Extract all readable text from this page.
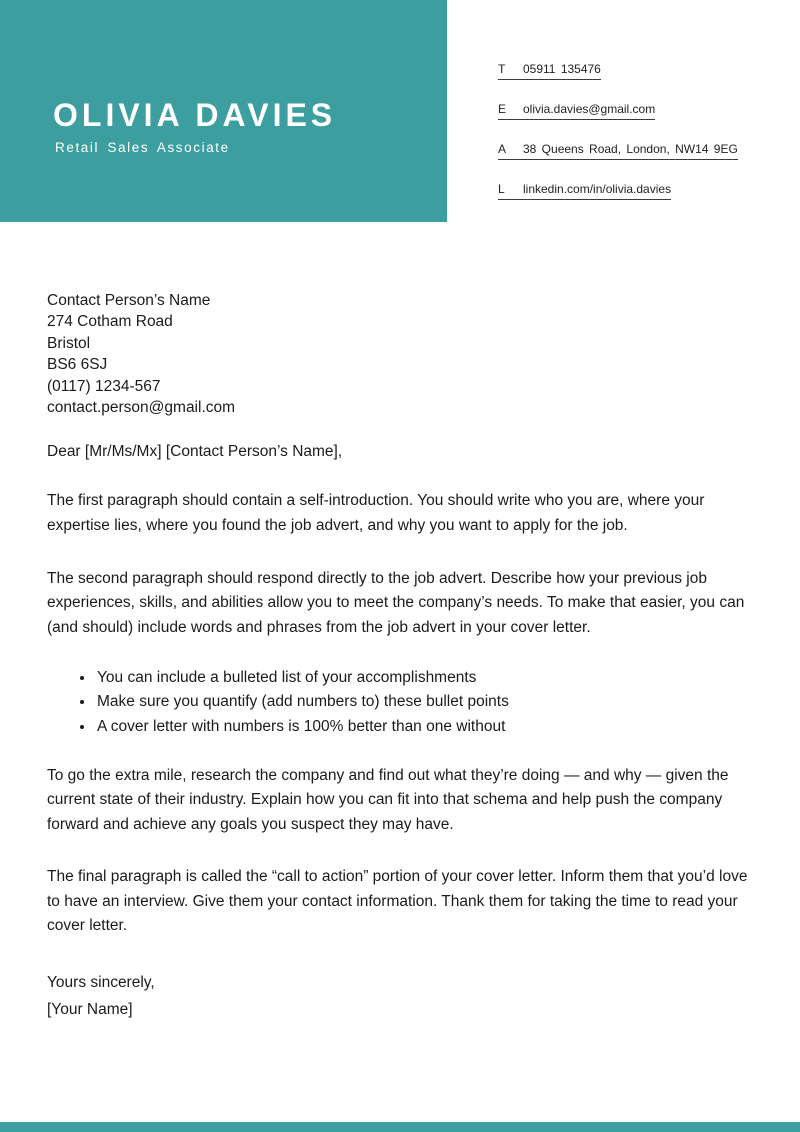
OLIVIA DAVIES
Retail Sales Associate
T	05911 135476
E	olivia.davies@gmail.com
A	38 Queens Road, London, NW14 9EG
L	linkedin.com/in/olivia.davies
Contact Person’s Name
274 Cotham Road
Bristol
BS6 6SJ
(0117) 1234-567
contact.person@gmail.com

Dear [Mr/Ms/Mx] [Contact Person’s Name],

The first paragraph should contain a self-introduction. You should write who you are, where your expertise lies, where you found the job advert, and why you want to apply for the job.

The second paragraph should respond directly to the job advert. Describe how your previous job experiences, skills, and abilities allow you to meet the company’s needs. To make that easier, you can (and should) include words and phrases from the job advert in your cover letter.

• You can include a bulleted list of your accomplishments
• Make sure you quantify (add numbers to) these bullet points
• A cover letter with numbers is 100% better than one without

To go the extra mile, research the company and find out what they’re doing — and why — given the current state of their industry. Explain how you can fit into that schema and help push the company forward and achieve any goals you suspect they may have.

The final paragraph is called the “call to action” portion of your cover letter. Inform them that you’d love to have an interview. Give them your contact information. Thank them for taking the time to read your cover letter.

Yours sincerely,
[Your Name]
